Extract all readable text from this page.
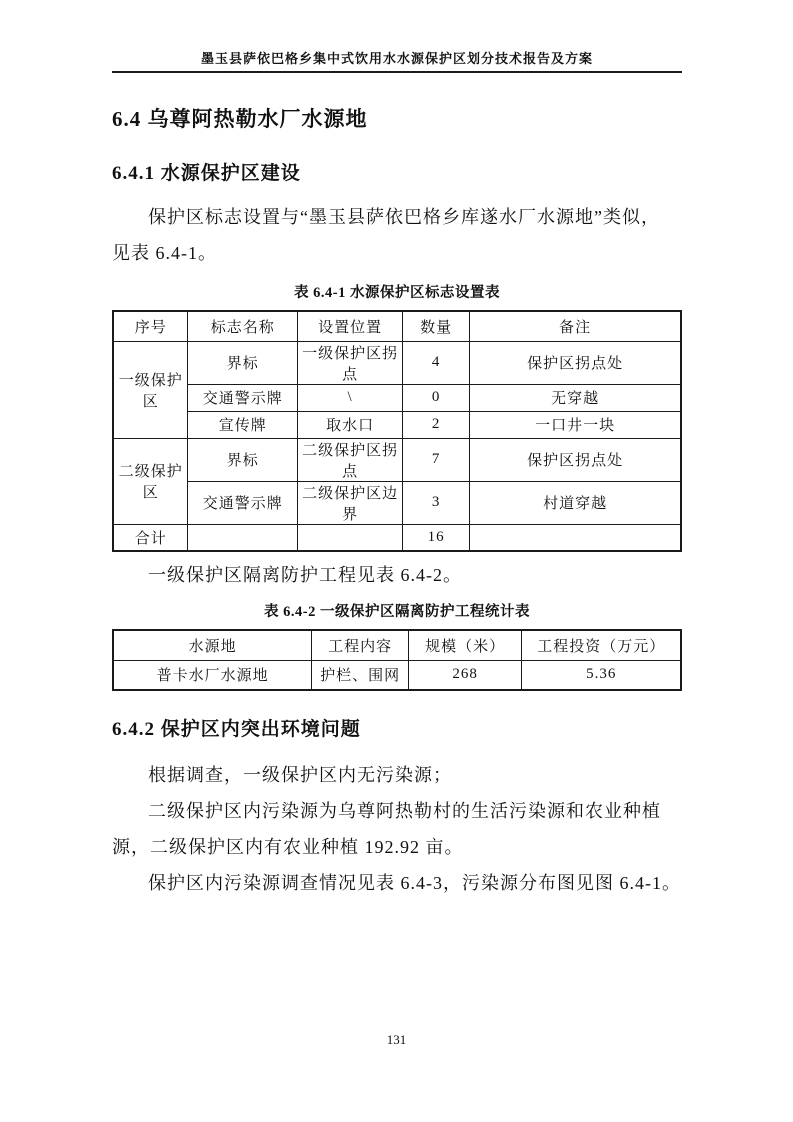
墨玉县萨依巴格乡集中式饮用水水源保护区划分技术报告及方案
6.4 乌尊阿热勒水厂水源地
6.4.1 水源保护区建设
保护区标志设置与“墨玉县萨依巴格乡库遂水厂水源地”类似，
见表 6.4-1。
表 6.4-1 水源保护区标志设置表
序号	标志名称	设置位置	数量	备注
一级保护区	界标	一级保护区拐点	4	保护区拐点处
	交通警示牌	\	0	无穿越
	宣传牌	取水口	2	一口井一块
二级保护区	界标	二级保护区拐点	7	保护区拐点处
	交通警示牌	二级保护区边界	3	村道穿越
合计			16	
一级保护区隔离防护工程见表 6.4-2。
表 6.4-2 一级保护区隔离防护工程统计表
水源地	工程内容	规模（米）	工程投资（万元）
普卡水厂水源地	护栏、围网	268	5.36
6.4.2 保护区内突出环境问题
根据调查，一级保护区内无污染源；
二级保护区内污染源为乌尊阿热勒村的生活污染源和农业种植
源，二级保护区内有农业种植 192.92 亩。
保护区内污染源调查情况见表 6.4-3，污染源分布图见图 6.4-1。
131
